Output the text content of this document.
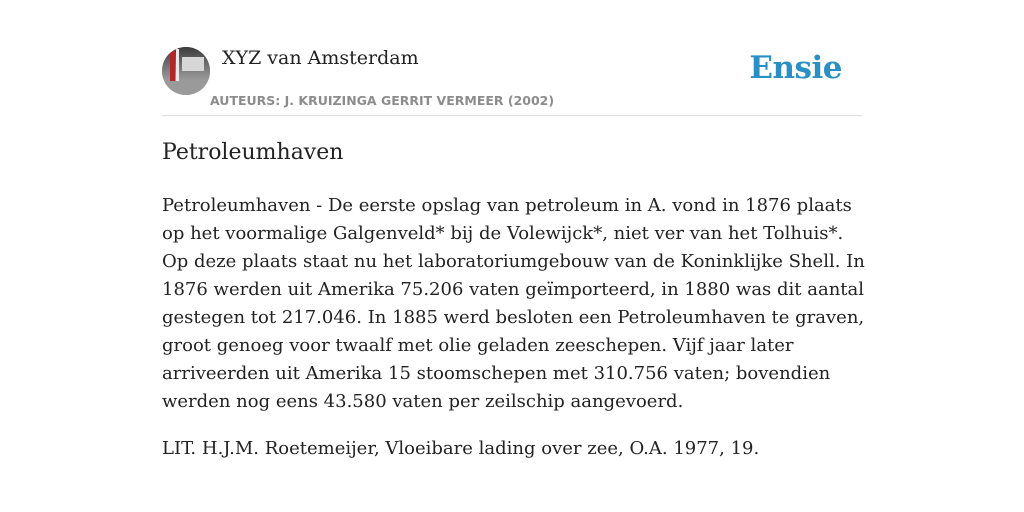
XYZ van Amsterdam
AUTEURS: J. KRUIZINGA GERRIT VERMEER (2002)
Ensie
Petroleumhaven

Petroleumhaven - De eerste opslag van petroleum in A. vond in 1876 plaats op het voormalige Galgenveld* bij de Volewijck*, niet ver van het Tolhuis*. Op deze plaats staat nu het laboratoriumgebouw van de Koninklijke Shell. In 1876 werden uit Amerika 75.206 vaten geïmporteerd, in 1880 was dit aantal gestegen tot 217.046. In 1885 werd besloten een Petroleumhaven te graven, groot genoeg voor twaalf met olie geladen zeeschepen. Vijf jaar later arriveerden uit Amerika 15 stoomschepen met 310.756 vaten; bovendien werden nog eens 43.580 vaten per zeilschip aangevoerd.

LIT. H.J.M. Roetemeijer, Vloeibare lading over zee, O.A. 1977, 19.
